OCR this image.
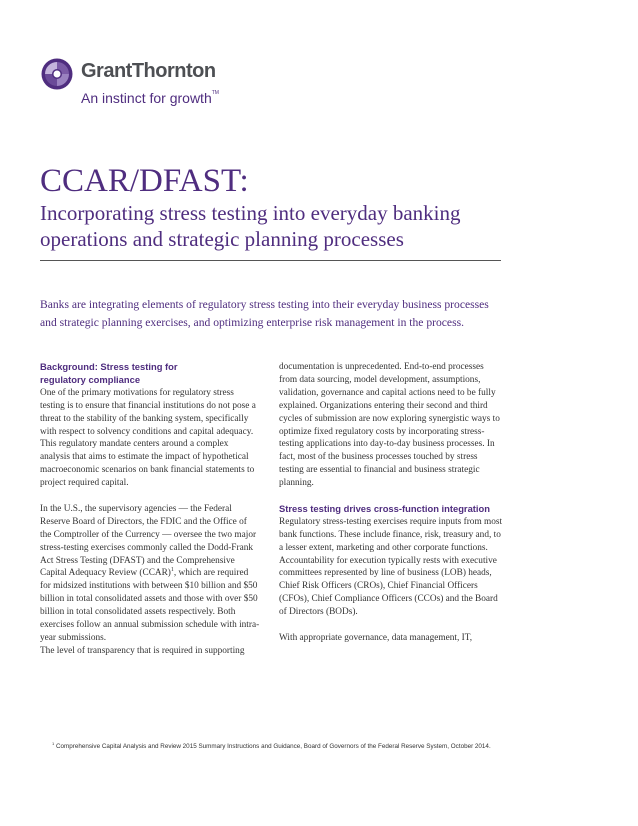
GrantThornton
An instinct for growth™
CCAR/DFAST:
Incorporating stress testing into everyday banking operations and strategic planning processes

Banks are integrating elements of regulatory stress testing into their everyday business processes and strategic planning exercises, and optimizing enterprise risk management in the process.

Background: Stress testing for
regulatory compliance

One of the primary motivations for regulatory stress testing is to ensure that financial institutions do not pose a threat to the stability of the banking system, specifically with respect to solvency conditions and capital adequacy. This regulatory mandate centers around a complex analysis that aims to estimate the impact of hypothetical macroeconomic scenarios on bank financial statements to project required capital.

In the U.S., the supervisory agencies — the Federal Reserve Board of Directors, the FDIC and the Office of the Comptroller of the Currency — oversee the two major stress-testing exercises commonly called the Dodd-Frank Act Stress Testing (DFAST) and the Comprehensive Capital Adequacy Review (CCAR)$^1$, which are required for midsized institutions with between $10 billion and $50 billion in total consolidated assets and those with over $50 billion in total consolidated assets respectively. Both exercises follow an annual submission schedule with intra-year submissions.

The level of transparency that is required in supporting

documentation is unprecedented. End-to-end processes from data sourcing, model development, assumptions, validation, governance and capital actions need to be fully explained. Organizations entering their second and third cycles of submission are now exploring synergistic ways to optimize fixed regulatory costs by incorporating stress-testing applications into day-to-day business processes. In fact, most of the business processes touched by stress testing are essential to financial and business strategic planning.

Stress testing drives cross-function integration

Regulatory stress-testing exercises require inputs from most bank functions. These include finance, risk, treasury and, to a lesser extent, marketing and other corporate functions. Accountability for execution typically rests with executive committees represented by line of business (LOB) heads, Chief Risk Officers (CROs), Chief Financial Officers (CFOs), Chief Compliance Officers (CCOs) and the Board of Directors (BODs).

With appropriate governance, data management, IT,

$^1$ Comprehensive Capital Analysis and Review 2015 Summary Instructions and Guidance, Board of Governors of the Federal Reserve System, October 2014.
